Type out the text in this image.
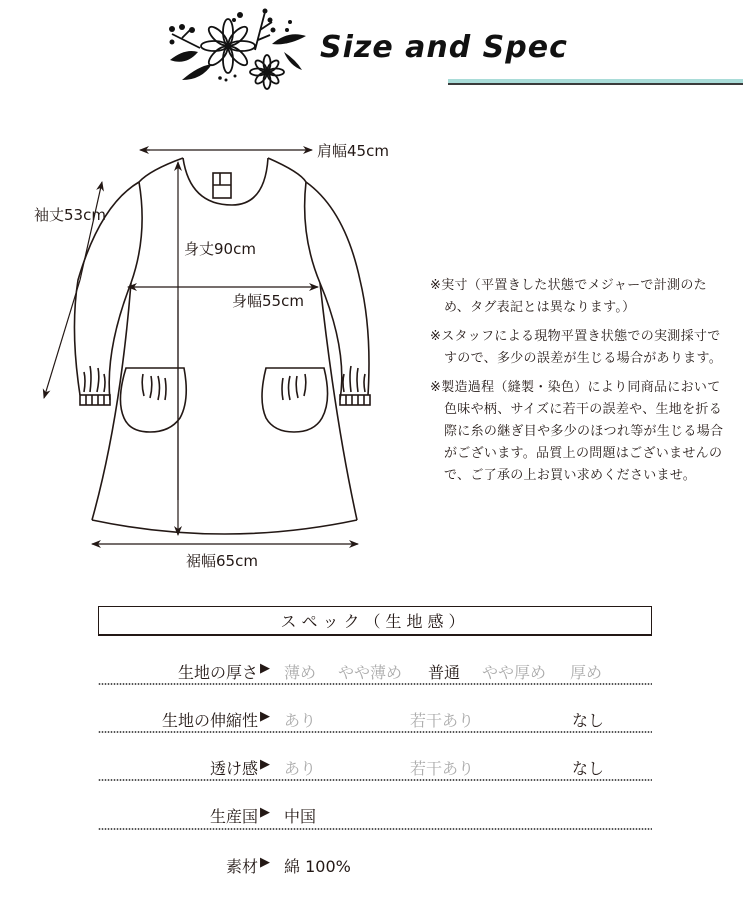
Size and Spec
肩幅45cm
袖丈53cm
身丈90cm
身幅55cm
裾幅65cm

※実寸（平置きした状態でメジャーで計測のため、タグ表記とは異なります。）

※スタッフによる現物平置き状態での実測採寸ですので、多少の誤差が生じる場合があります。

※製造過程（縫製・染色）により同商品において色味や柄、サイズに若干の誤差や、生地を折る際に糸の継ぎ目や多少のほつれ等が生じる場合がございます。品質上の問題はございませんので、ご了承の上お買い求めくださいませ。

スペック（生地感）
生地の厚さ ▶ 薄め やや薄め 普通 やや厚め 厚め
生地の伸縮性 ▶ あり	若干あり	なし
透け感 ▶ あり	若干あり	なし
生産国 ▶ 中国
素材 ▶ 綿 100%
